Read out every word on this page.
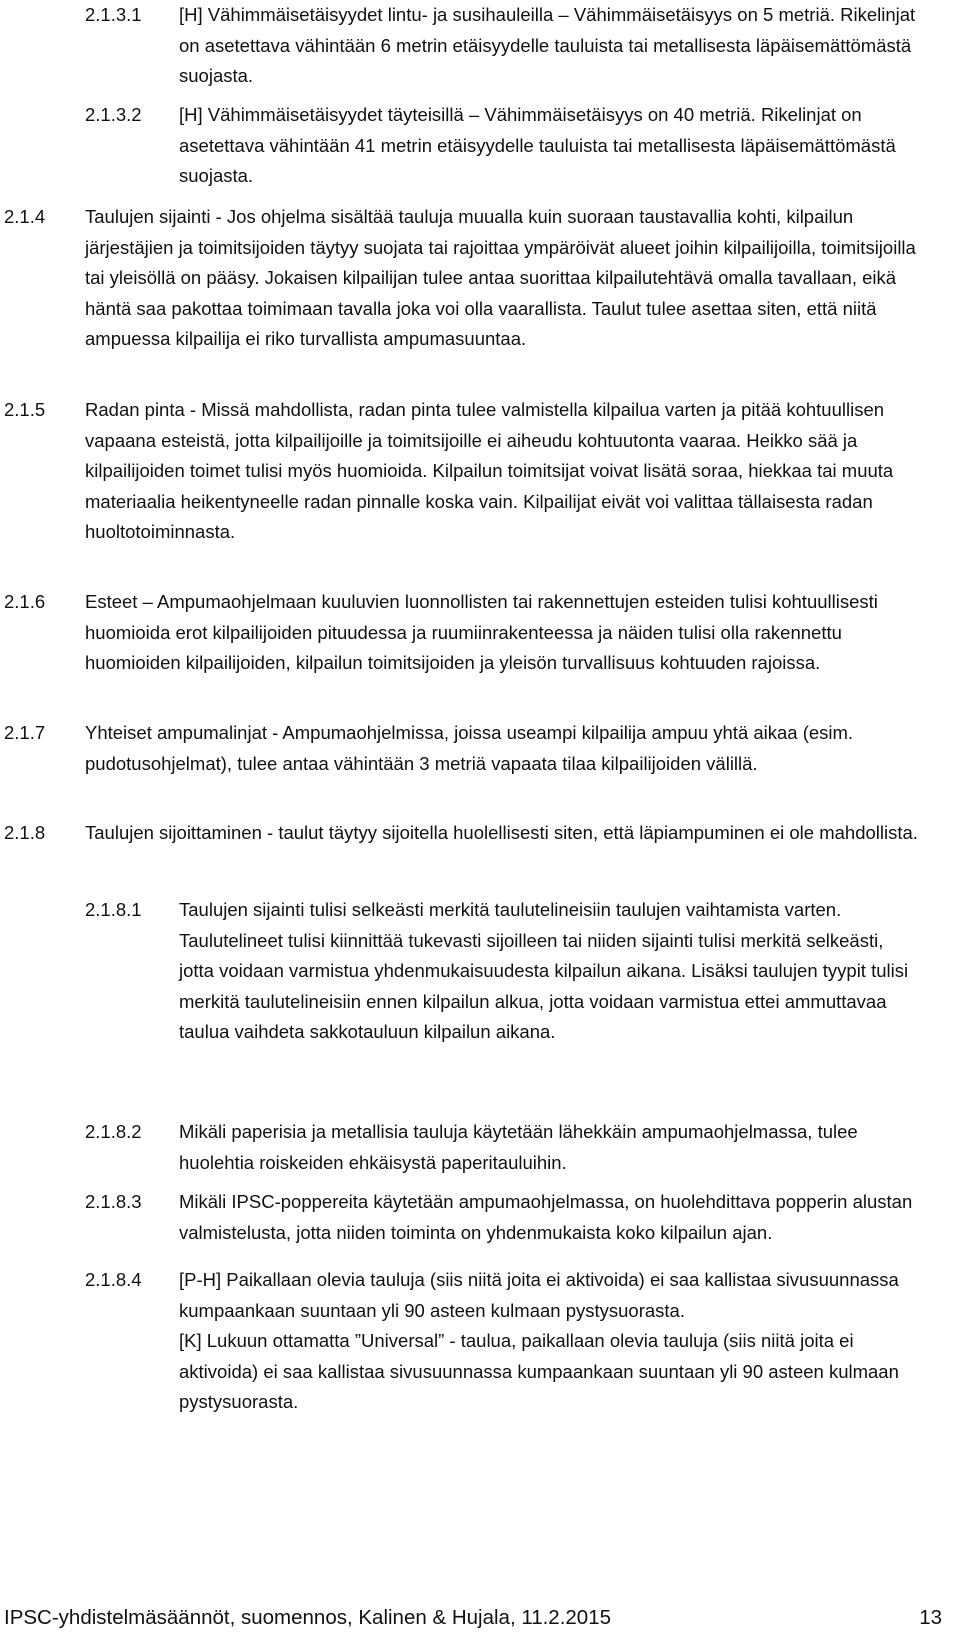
2.1.3.1	[H] Vähimmäisetäisyydet lintu- ja susihauleilla – Vähimmäisetäisyys on 5 metriä. Rikelinjat on asetettava vähintään 6 metrin etäisyydelle tauluista tai metallisesta läpäisemättömästä suojasta.

2.1.3.2	[H] Vähimmäisetäisyydet täyteisillä – Vähimmäisetäisyys on 40 metriä. Rikelinjat on asetettava vähintään 41 metrin etäisyydelle tauluista tai metallisesta läpäisemättömästä suojasta.

2.1.4	Taulujen sijainti - Jos ohjelma sisältää tauluja muualla kuin suoraan taustavallia kohti, kilpailun järjestäjien ja toimitsijoiden täytyy suojata tai rajoittaa ympäröivät alueet joihin kilpailijoilla, toimitsijoilla tai yleisöllä on pääsy. Jokaisen kilpailijan tulee antaa suorittaa kilpailutehtävä omalla tavallaan, eikä häntä saa pakottaa toimimaan tavalla joka voi olla vaarallista. Taulut tulee asettaa siten, että niitä ampuessa kilpailija ei riko turvallista ampumasuuntaa.

2.1.5	Radan pinta - Missä mahdollista, radan pinta tulee valmistella kilpailua varten ja pitää kohtuullisen vapaana esteistä, jotta kilpailijoille ja toimitsijoille ei aiheudu kohtuutonta vaaraa. Heikko sää ja kilpailijoiden toimet tulisi myös huomioida. Kilpailun toimitsijat voivat lisätä soraa, hiekkaa tai muuta materiaalia heikentyneelle radan pinnalle koska vain. Kilpailijat eivät voi valittaa tällaisesta radan huoltotoiminnasta.

2.1.6	Esteet – Ampumaohjelmaan kuuluvien luonnollisten tai rakennettujen esteiden tulisi kohtuullisesti huomioida erot kilpailijoiden pituudessa ja ruumiinrakenteessa ja näiden tulisi olla rakennettu huomioiden kilpailijoiden, kilpailun toimitsijoiden ja yleisön turvallisuus kohtuuden rajoissa.

2.1.7	Yhteiset ampumalinjat - Ampumaohjelmissa, joissa useampi kilpailija ampuu yhtä aikaa (esim. pudotusohjelmat), tulee antaa vähintään 3 metriä vapaata tilaa kilpailijoiden välillä.

2.1.8	Taulujen sijoittaminen - taulut täytyy sijoitella huolellisesti siten, että läpiampuminen ei ole mahdollista.

2.1.8.1	Taulujen sijainti tulisi selkeästi merkitä taulutelineisiin taulujen vaihtamista varten. Taulutelineet tulisi kiinnittää tukevasti sijoilleen tai niiden sijainti tulisi merkitä selkeästi, jotta voidaan varmistua yhdenmukaisuudesta kilpailun aikana. Lisäksi taulujen tyypit tulisi merkitä taulutelineisiin ennen kilpailun alkua, jotta voidaan varmistua ettei ammuttavaa taulua vaihdeta sakkotauluun kilpailun aikana.

2.1.8.2	Mikäli paperisia ja metallisia tauluja käytetään lähekkäin ampumaohjelmassa, tulee huolehtia roiskeiden ehkäisystä paperitauluihin.

2.1.8.3	Mikäli IPSC-poppereita käytetään ampumaohjelmassa, on huolehdittava popperin alustan valmistelusta, jotta niiden toiminta on yhdenmukaista koko kilpailun ajan.

2.1.8.4	[P-H] Paikallaan olevia tauluja (siis niitä joita ei aktivoida) ei saa kallistaa sivusuunnassa kumpaankaan suuntaan yli 90 asteen kulmaan pystysuorasta.

[K] Lukuun ottamatta ”Universal” - taulua, paikallaan olevia tauluja (siis niitä joita ei aktivoida) ei saa kallistaa sivusuunnassa kumpaankaan suuntaan yli 90 asteen kulmaan pystysuorasta.

IPSC-yhdistelmäsäännöt, suomennos, Kalinen & Hujala, 11.2.2015	13
